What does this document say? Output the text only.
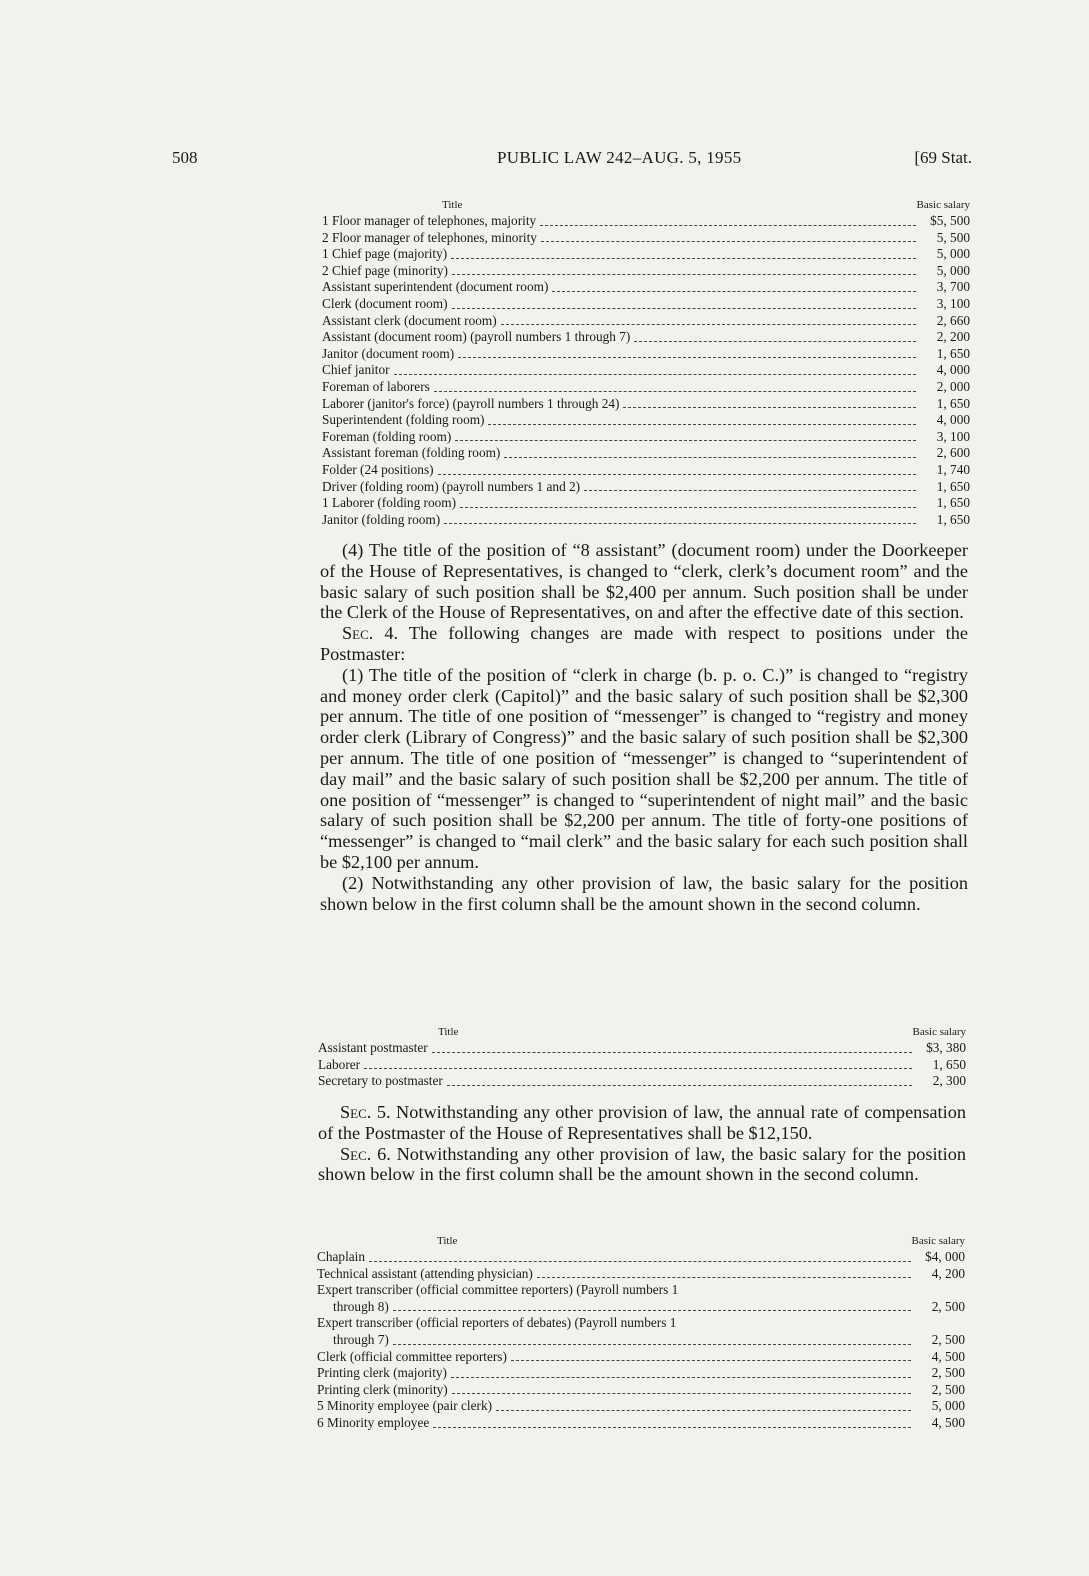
508	PUBLIC LAW 242–AUG. 5, 1955	[69 Stat.
Title	Basic salary
1 Floor manager of telephones, majority	$5, 500
2 Floor manager of telephones, minority	5, 500
1 Chief page (majority)	5, 000
2 Chief page (minority)	5, 000
Assistant superintendent (document room)	3, 700
Clerk (document room)	3, 100
Assistant clerk (document room)	2, 660
Assistant (document room) (payroll numbers 1 through 7)	2, 200
Janitor (document room)	1, 650
Chief janitor	4, 000
Foreman of laborers	2, 000
Laborer (janitor's force) (payroll numbers 1 through 24)	1, 650
Superintendent (folding room)	4, 000
Foreman (folding room)	3, 100
Assistant foreman (folding room)	2, 600
Folder (24 positions)	1, 740
Driver (folding room) (payroll numbers 1 and 2)	1, 650
1 Laborer (folding room)	1, 650
Janitor (folding room)	1, 650

(4) The title of the position of “8 assistant” (document room) under the Doorkeeper of the House of Representatives, is changed to “clerk, clerk’s document room” and the basic salary of such position shall be $2,400 per annum. Such position shall be under the Clerk of the House of Representatives, on and after the effective date of this section.

Sec. 4. The following changes are made with respect to positions under the Postmaster:

(1) The title of the position of “clerk in charge (b. p. o. C.)” is changed to “registry and money order clerk (Capitol)” and the basic salary of such position shall be $2,300 per annum. The title of one position of “messenger” is changed to “registry and money order clerk (Library of Congress)” and the basic salary of such position shall be $2,300 per annum. The title of one position of “messenger” is changed to “superintendent of day mail” and the basic salary of such position shall be $2,200 per annum. The title of one position of “messenger” is changed to “superintendent of night mail” and the basic salary of such position shall be $2,200 per annum. The title of forty-one positions of “messenger” is changed to “mail clerk” and the basic salary for each such position shall be $2,100 per annum.

(2) Notwithstanding any other provision of law, the basic salary for the position shown below in the first column shall be the amount shown in the second column.

Title	Basic salary
Assistant postmaster	$3, 380
Laborer	1, 650
Secretary to postmaster	2, 300

Sec. 5. Notwithstanding any other provision of law, the annual rate of compensation of the Postmaster of the House of Representatives shall be $12,150.

Sec. 6. Notwithstanding any other provision of law, the basic salary for the position shown below in the first column shall be the amount shown in the second column.

Title	Basic salary
Chaplain	$4, 000
Technical assistant (attending physician)	4, 200
Expert transcriber (official committee reporters) (Payroll numbers 1
through 8)	2, 500
Expert transcriber (official reporters of debates) (Payroll numbers 1
through 7)	2, 500
Clerk (official committee reporters)	4, 500
Printing clerk (majority)	2, 500
Printing clerk (minority)	2, 500
5 Minority employee (pair clerk)	5, 000
6 Minority employee	4, 500
